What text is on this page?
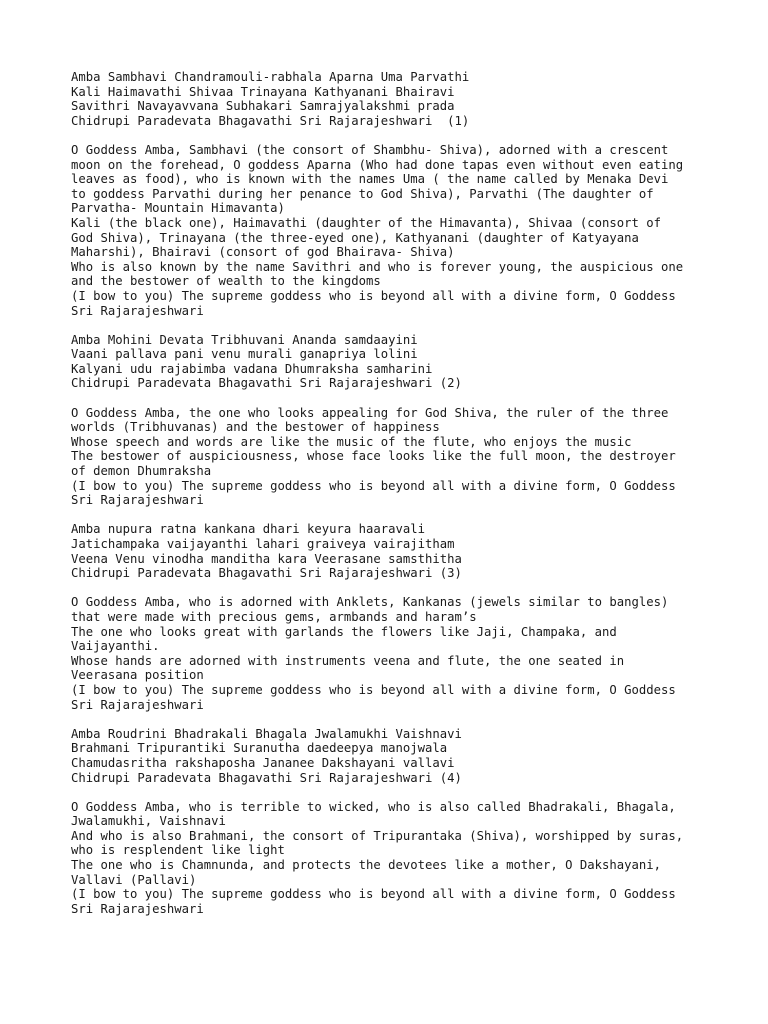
Amba Sambhavi Chandramouli-rabhala Aparna Uma Parvathi
Kali Haimavathi Shivaa Trinayana Kathyanani Bhairavi
Savithri Navayavvana Subhakari Samrajyalakshmi prada
Chidrupi Paradevata Bhagavathi Sri Rajarajeshwari  (1)
O Goddess Amba, Sambhavi (the consort of Shambhu- Shiva), adorned with a crescent
moon on the forehead, O goddess Aparna (Who had done tapas even without even eating
leaves as food), who is known with the names Uma ( the name called by Menaka Devi
to goddess Parvathi during her penance to God Shiva), Parvathi (The daughter of
Parvatha- Mountain Himavanta)
Kali (the black one), Haimavathi (daughter of the Himavanta), Shivaa (consort of
God Shiva), Trinayana (the three-eyed one), Kathyanani (daughter of Katyayana
Maharshi), Bhairavi (consort of god Bhairava- Shiva)
Who is also known by the name Savithri and who is forever young, the auspicious one
and the bestower of wealth to the kingdoms
(I bow to you) The supreme goddess who is beyond all with a divine form, O Goddess
Sri Rajarajeshwari
Amba Mohini Devata Tribhuvani Ananda samdaayini
Vaani pallava pani venu murali ganapriya lolini
Kalyani udu rajabimba vadana Dhumraksha samharini
Chidrupi Paradevata Bhagavathi Sri Rajarajeshwari (2)
O Goddess Amba, the one who looks appealing for God Shiva, the ruler of the three
worlds (Tribhuvanas) and the bestower of happiness
Whose speech and words are like the music of the flute, who enjoys the music
The bestower of auspiciousness, whose face looks like the full moon, the destroyer
of demon Dhumraksha
(I bow to you) The supreme goddess who is beyond all with a divine form, O Goddess
Sri Rajarajeshwari
Amba nupura ratna kankana dhari keyura haaravali
Jatichampaka vaijayanthi lahari graiveya vairajitham
Veena Venu vinodha manditha kara Veerasane samsthitha
Chidrupi Paradevata Bhagavathi Sri Rajarajeshwari (3)
O Goddess Amba, who is adorned with Anklets, Kankanas (jewels similar to bangles)
that were made with precious gems, armbands and haram’s
The one who looks great with garlands the flowers like Jaji, Champaka, and
Vaijayanthi.
Whose hands are adorned with instruments veena and flute, the one seated in
Veerasana position
(I bow to you) The supreme goddess who is beyond all with a divine form, O Goddess
Sri Rajarajeshwari
Amba Roudrini Bhadrakali Bhagala Jwalamukhi Vaishnavi
Brahmani Tripurantiki Suranutha daedeepya manojwala
Chamudasritha rakshaposha Jananee Dakshayani vallavi
Chidrupi Paradevata Bhagavathi Sri Rajarajeshwari (4)
O Goddess Amba, who is terrible to wicked, who is also called Bhadrakali, Bhagala,
Jwalamukhi, Vaishnavi
And who is also Brahmani, the consort of Tripurantaka (Shiva), worshipped by suras,
who is resplendent like light
The one who is Chamnunda, and protects the devotees like a mother, O Dakshayani,
Vallavi (Pallavi)
(I bow to you) The supreme goddess who is beyond all with a divine form, O Goddess
Sri Rajarajeshwari
